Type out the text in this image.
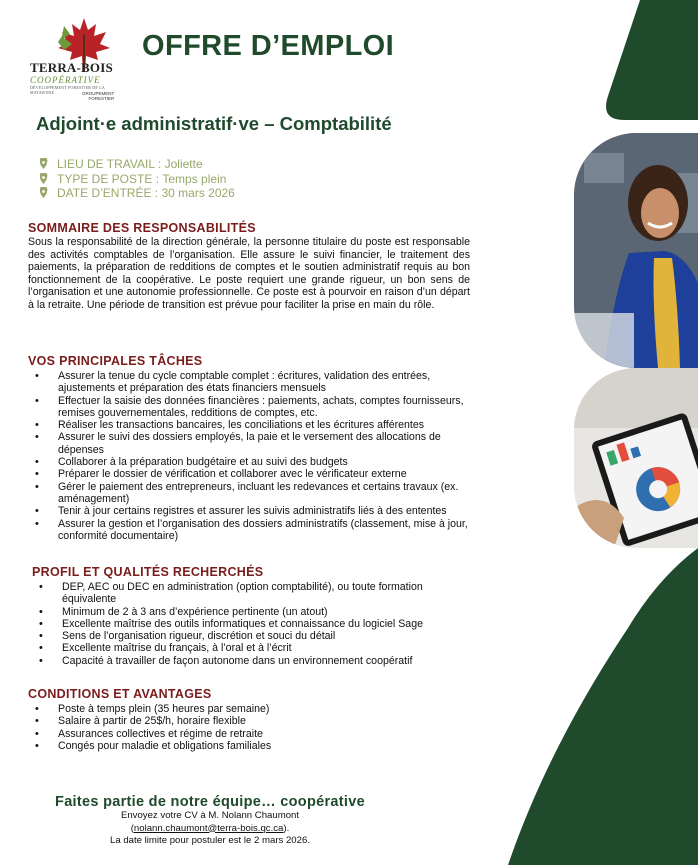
TERRA-BOIS
COOPÉRATIVE
DÉVELOPPEMENT FORESTIER DE LA MATAWINIE	GROUPEMENT
FORESTIER
OFFRE D’EMPLOI
Adjoint·e administratif·ve – Comptabilité
LIEU DE TRAVAIL :
Joliette
TYPE DE POSTE :
Temps plein
DATE D’ENTRÉE :
30 mars 2026
SOMMAIRE DES RESPONSABILITÉS
Sous la responsabilité de la direction générale, la personne titulaire du poste est responsable des activités comptables de l’organisation. Elle assure le suivi financier, le traitement des paiements, la préparation de redditions de comptes et le soutien administratif requis au bon fonctionnement de la coopérative. Le poste requiert une grande rigueur, un bon sens de l’organisation et une autonomie professionnelle. Ce poste est à pourvoir en raison d’un départ à la retraite. Une période de transition est prévue pour faciliter la prise en main du rôle.
VOS PRINCIPALES TÂCHES
• Assurer la tenue du cycle comptable complet : écritures, validation des entrées, ajustements et préparation des états financiers mensuels
• Effectuer la saisie des données financières : paiements, achats, comptes fournisseurs, remises gouvernementales, redditions de comptes, etc.
• Réaliser les transactions bancaires, les conciliations et les écritures afférentes
• Assurer le suivi des dossiers employés, la paie et le versement des allocations de dépenses
• Collaborer à la préparation budgétaire et au suivi des budgets
• Préparer le dossier de vérification et collaborer avec le vérificateur externe
• Gérer le paiement des entrepreneurs, incluant les redevances et certains travaux (ex. aménagement)
• Tenir à jour certains registres et assurer les suivis administratifs liés à des ententes
• Assurer la gestion et l’organisation des dossiers administratifs (classement, mise à jour, conformité documentaire)
PROFIL ET QUALITÉS RECHERCHÉS
• DEP, AEC ou DEC en administration (option comptabilité), ou toute formation équivalente
• Minimum de 2 à 3 ans d’expérience pertinente (un atout)
• Excellente maîtrise des outils informatiques et connaissance du logiciel Sage
• Sens de l’organisation rigueur, discrétion et souci du détail
• Excellente maîtrise du français, à l’oral et à l’écrit
• Capacité à travailler de façon autonome dans un environnement coopératif
CONDITIONS ET AVANTAGES
• Poste à temps plein (35 heures par semaine)
• Salaire à partir de 25$/h, horaire flexible
• Assurances collectives et régime de retraite
• Congés pour maladie et obligations familiales
Faites partie de notre équipe… coopérative
Envoyez votre CV à M. Nolann Chaumont
(nolann.chaumont@terra-bois.qc.ca).
La date limite pour postuler est le 2 mars 2026.
